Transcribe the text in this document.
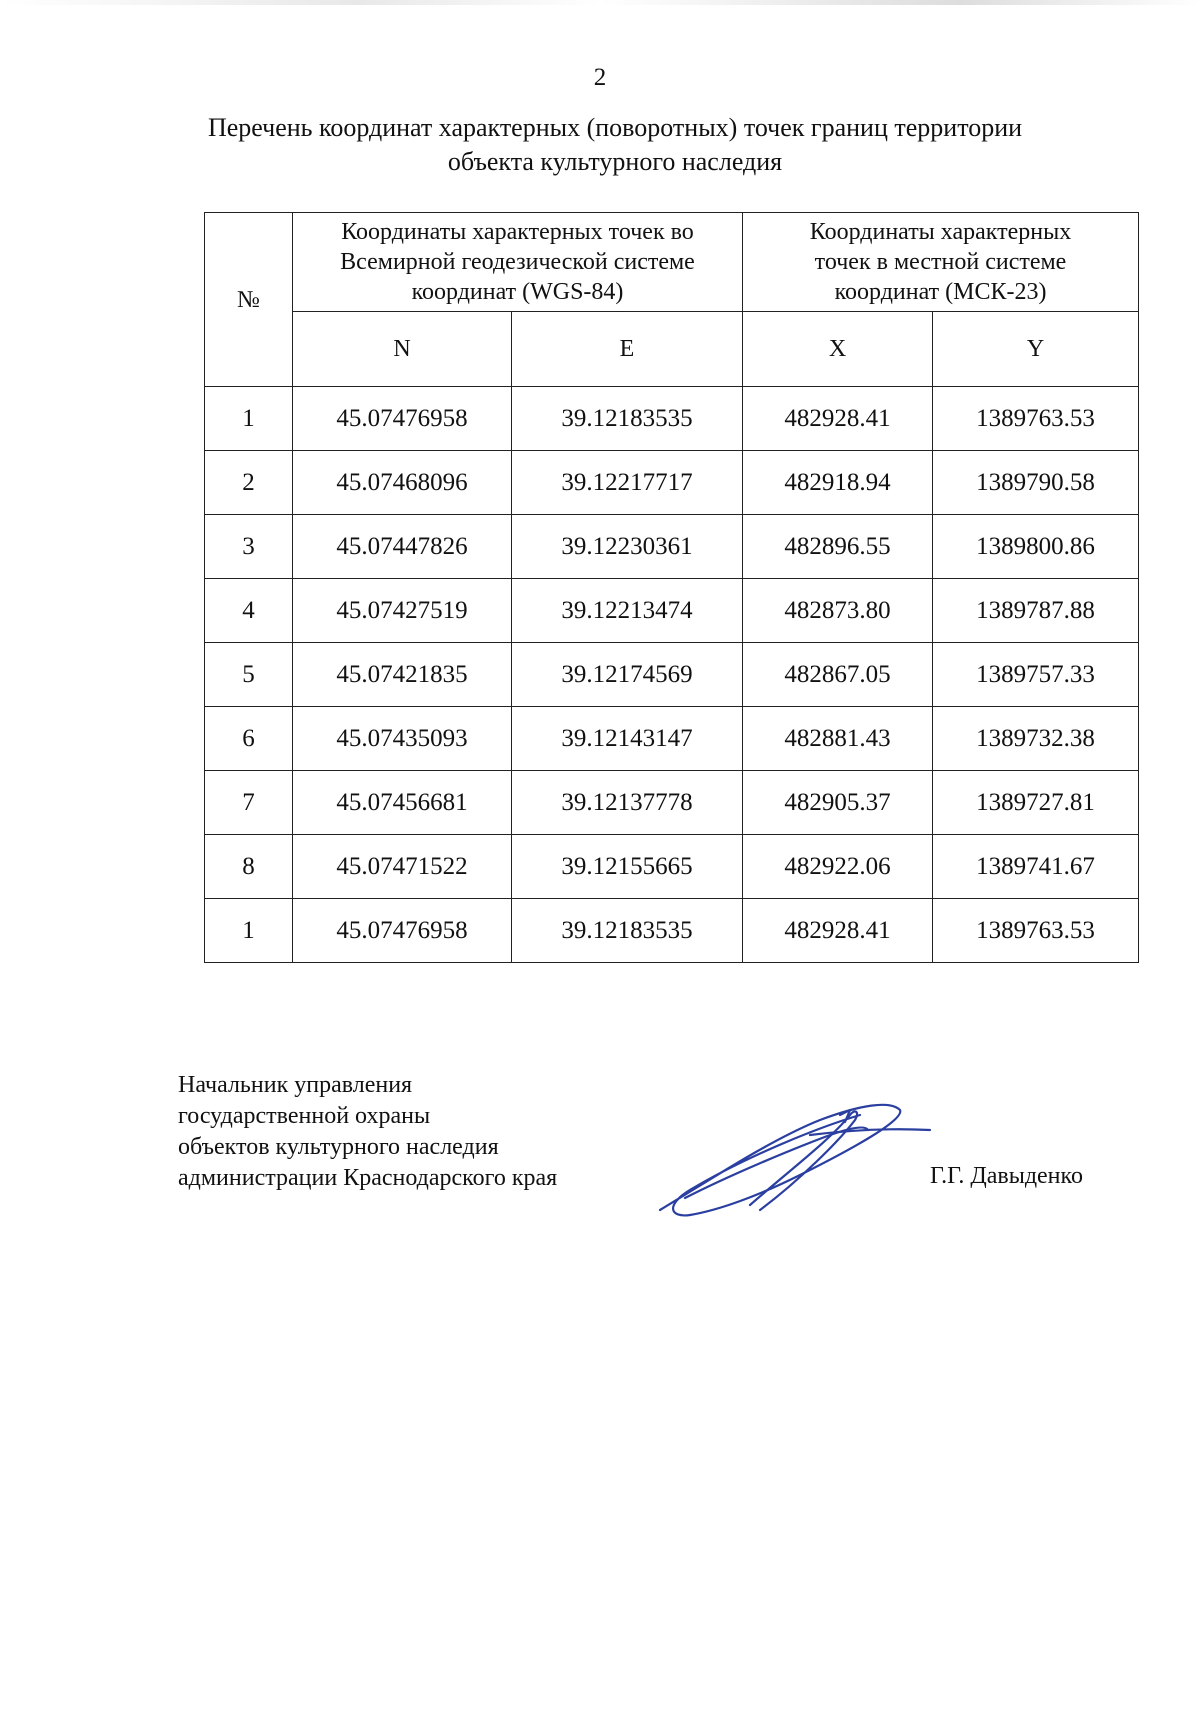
2
Перечень координат характерных (поворотных) точек границ территории
объекта культурного наследия
№	Координаты характерных точек во
Всемирной геодезической системе
координат (WGS-84)		Координаты характерных
точек в местной системе
координат (МСК-23)	

	N	E	X	Y
1	45.07476958	39.12183535	482928.41	1389763.53
2	45.07468096	39.12217717	482918.94	1389790.58
3	45.07447826	39.12230361	482896.55	1389800.86
4	45.07427519	39.12213474	482873.80	1389787.88
5	45.07421835	39.12174569	482867.05	1389757.33
6	45.07435093	39.12143147	482881.43	1389732.38
7	45.07456681	39.12137778	482905.37	1389727.81
8	45.07471522	39.12155665	482922.06	1389741.67
1	45.07476958	39.12183535	482928.41	1389763.53
Начальник управления
государственной охраны
объектов культурного наследия
администрации Краснодарского края	Г.Г. Давыденко
